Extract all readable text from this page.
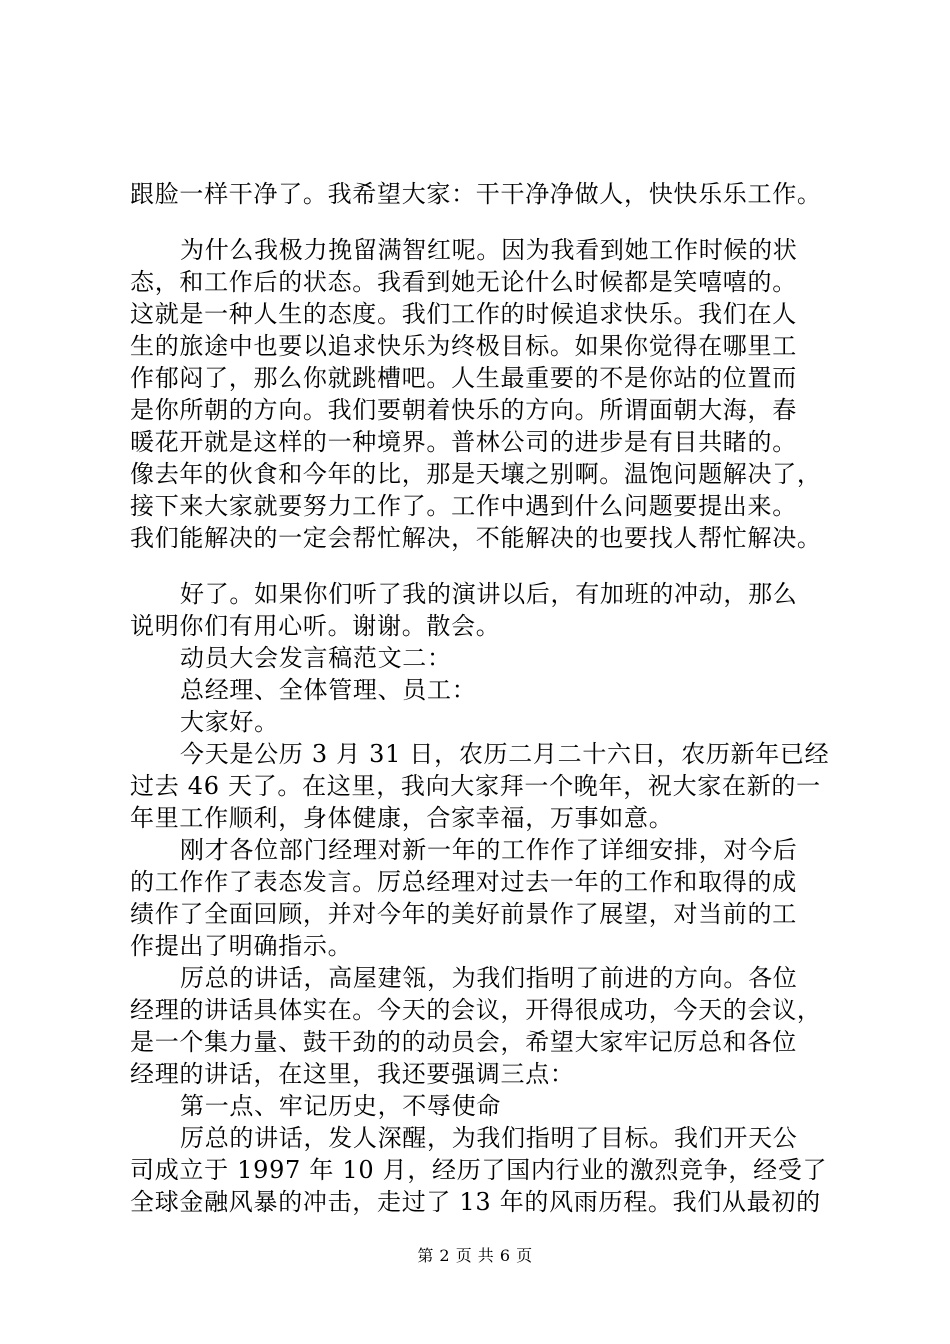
跟脸一样干净了。我希望大家：干干净净做人，快快乐乐工作。

为什么我极力挽留满智红呢。因为我看到她工作时候的状
态，和工作后的状态。我看到她无论什么时候都是笑嘻嘻的。
这就是一种人生的态度。我们工作的时候追求快乐。我们在人
生的旅途中也要以追求快乐为终极目标。如果你觉得在哪里工
作郁闷了，那么你就跳槽吧。人生最重要的不是你站的位置而
是你所朝的方向。我们要朝着快乐的方向。所谓面朝大海，春
暖花开就是这样的一种境界。普林公司的进步是有目共睹的。
像去年的伙食和今年的比，那是天壤之别啊。温饱问题解决了，
接下来大家就要努力工作了。工作中遇到什么问题要提出来。
我们能解决的一定会帮忙解决，不能解决的也要找人帮忙解决。

好了。如果你们听了我的演讲以后，有加班的冲动，那么
说明你们有用心听。谢谢。散会。

动员大会发言稿范文二：

总经理、全体管理、员工：

大家好。

今天是公历 3 月 31 日，农历二月二十六日，农历新年已经
过去 46 天了。在这里，我向大家拜一个晚年，祝大家在新的一
年里工作顺利，身体健康，合家幸福，万事如意。

刚才各位部门经理对新一年的工作作了详细安排，对今后
的工作作了表态发言。厉总经理对过去一年的工作和取得的成
绩作了全面回顾，并对今年的美好前景作了展望，对当前的工
作提出了明确指示。

厉总的讲话，高屋建瓴，为我们指明了前进的方向。各位
经理的讲话具体实在。今天的会议，开得很成功，今天的会议，
是一个集力量、鼓干劲的的动员会，希望大家牢记厉总和各位
经理的讲话，在这里，我还要强调三点：

第一点、牢记历史，不辱使命

厉总的讲话，发人深醒，为我们指明了目标。我们开天公
司成立于 1997 年 10 月，经历了国内行业的激烈竞争，经受了
全球金融风暴的冲击，走过了 13 年的风雨历程。我们从最初的

第 2 页 共 6 页
